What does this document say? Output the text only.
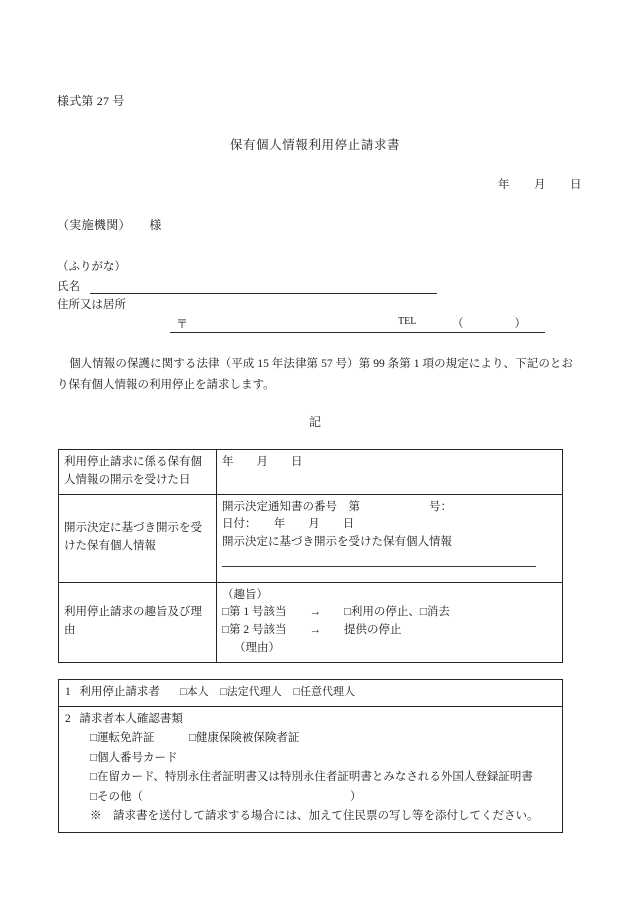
様式第 27 号
保有個人情報利用停止請求書
年　　月　　日
（実施機関）　　様
（ふりがな）
氏名
住所又は居所

〒

	TEL

	（　　　　）

個人情報の保護に関する法律（平成 15 年法律第 57 号）第 99 条第 1 項の規定により、下記のとおり保有個人情報の利用停止を請求します。
記
利用停止請求に係る保有個人情報の開示を受けた日	年　　月　　日

開示決定に基づき開示を受けた保有個人情報	開示決定通知書の番号　第　　　　　　号：
日付：　　年　　月　　日
開示決定に基づき開示を受けた保有個人情報

利用停止請求の趣旨及び理由	（趣旨）
□第 1 号該当　　→　　□利用の停止、□消去
□第 2 号該当　　→　　提供の停止
（理由）
1 利用停止請求者 □本人 □法定代理人 □任意代理人

2 請求者本人確認書類
□運転免許証　　　□健康保険被保険者証
□個人番号カード
□在留カード、特別永住者証明書又は特別永住者証明書とみなされる外国人登録証明書
□その他（　　　　　　　　　　　　　　　　　　）
※　請求書を送付して請求する場合には、加えて住民票の写し等を添付してください。
